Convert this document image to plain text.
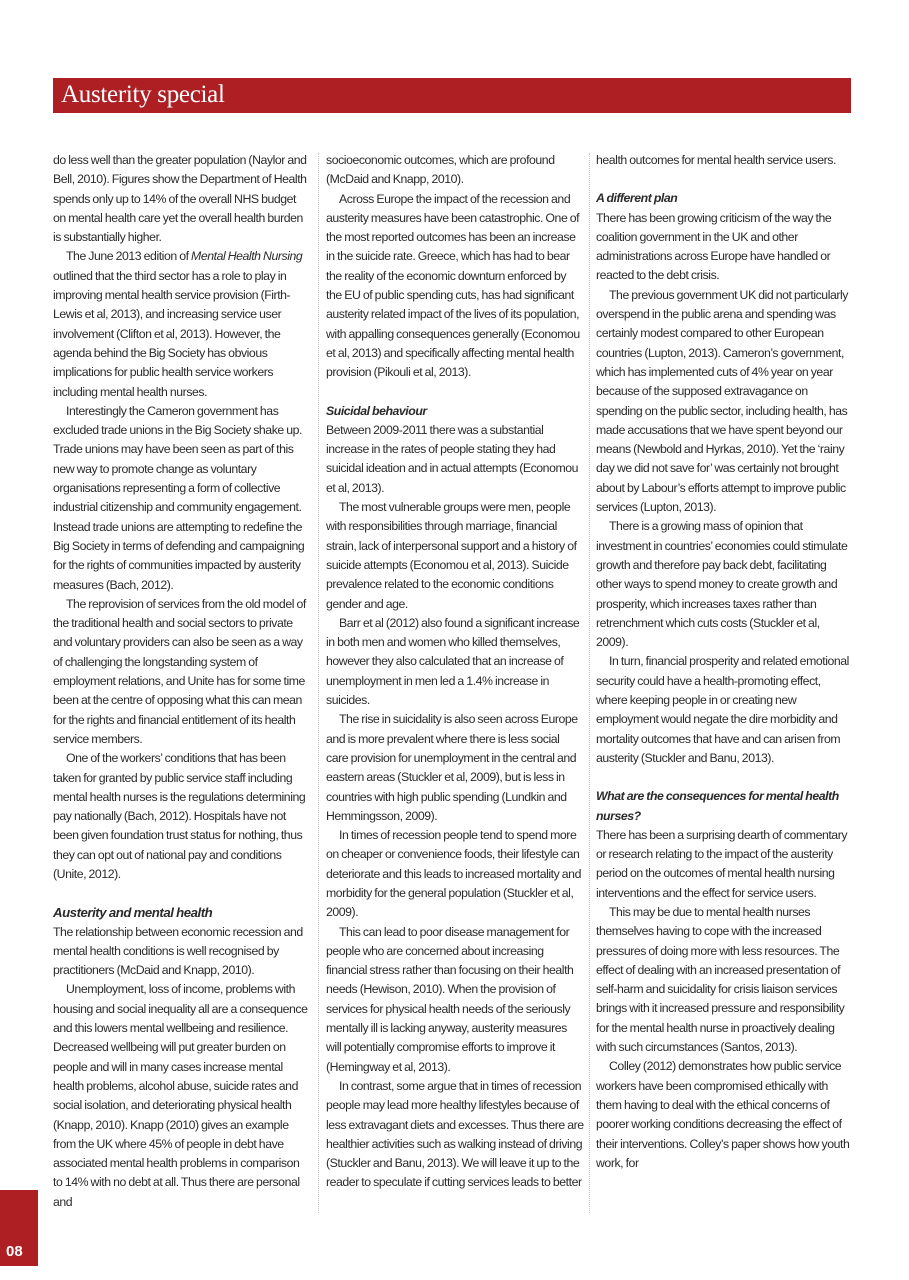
Austerity special

do less well than the greater population (Naylor and Bell, 2010). Figures show the Department of Health spends only up to 14% of the overall NHS budget on mental health care yet the overall health burden is substantially higher.

The June 2013 edition of Mental Health Nursing outlined that the third sector has a role to play in improving mental health service provision (Firth-Lewis et al, 2013), and increasing service user involvement (Clifton et al, 2013). However, the agenda behind the Big Society has obvious implications for public health service workers including mental health nurses.

Interestingly the Cameron government has excluded trade unions in the Big Society shake up. Trade unions may have been seen as part of this new way to promote change as voluntary organisations representing a form of collective industrial citizenship and community engagement. Instead trade unions are attempting to redefine the Big Society in terms of defending and campaigning for the rights of communities impacted by austerity measures (Bach, 2012).

The reprovision of services from the old model of the traditional health and social sectors to private and voluntary providers can also be seen as a way of challenging the longstanding system of employment relations, and Unite has for some time been at the centre of opposing what this can mean for the rights and financial entitlement of its health service members.

One of the workers’ conditions that has been taken for granted by public service staff including mental health nurses is the regulations determining pay nationally (Bach, 2012). Hospitals have not been given foundation trust status for nothing, thus they can opt out of national pay and conditions (Unite, 2012).

Austerity and mental health

The relationship between economic recession and mental health conditions is well recognised by practitioners (McDaid and Knapp, 2010).

Unemployment, loss of income, problems with housing and social inequality all are a consequence and this lowers mental wellbeing and resilience. Decreased wellbeing will put greater burden on people and will in many cases increase mental health problems, alcohol abuse, suicide rates and social isolation, and deteriorating physical health (Knapp, 2010). Knapp (2010) gives an example from the UK where 45% of people in debt have associated mental health problems in comparison to 14% with no debt at all. Thus there are personal and

socioeconomic outcomes, which are profound (McDaid and Knapp, 2010).

Across Europe the impact of the recession and austerity measures have been catastrophic. One of the most reported outcomes has been an increase in the suicide rate. Greece, which has had to bear the reality of the economic downturn enforced by the EU of public spending cuts, has had significant austerity related impact of the lives of its population, with appalling consequences generally (Economou et al, 2013) and specifically affecting mental health provision (Pikouli et al, 2013).

Suicidal behaviour

Between 2009-2011 there was a substantial increase in the rates of people stating they had suicidal ideation and in actual attempts (Economou et al, 2013).

The most vulnerable groups were men, people with responsibilities through marriage, financial strain, lack of interpersonal support and a history of suicide attempts (Economou et al, 2013). Suicide prevalence related to the economic conditions gender and age.

Barr et al (2012) also found a significant increase in both men and women who killed themselves, however they also calculated that an increase of unemployment in men led a 1.4% increase in suicides.

The rise in suicidality is also seen across Europe and is more prevalent where there is less social care provision for unemployment in the central and eastern areas (Stuckler et al, 2009), but is less in countries with high public spending (Lundkin and Hemmingsson, 2009).

In times of recession people tend to spend more on cheaper or convenience foods, their lifestyle can deteriorate and this leads to increased mortality and morbidity for the general population (Stuckler et al, 2009).

This can lead to poor disease management for people who are concerned about increasing financial stress rather than focusing on their health needs (Hewison, 2010). When the provision of services for physical health needs of the seriously mentally ill is lacking anyway, austerity measures will potentially compromise efforts to improve it (Hemingway et al, 2013).

In contrast, some argue that in times of recession people may lead more healthy lifestyles because of less extravagant diets and excesses. Thus there are healthier activities such as walking instead of driving (Stuckler and Banu, 2013). We will leave it up to the reader to speculate if cutting services leads to better

health outcomes for mental health service users.

A different plan

There has been growing criticism of the way the coalition government in the UK and other administrations across Europe have handled or reacted to the debt crisis.

The previous government UK did not particularly overspend in the public arena and spending was certainly modest compared to other European countries (Lupton, 2013). Cameron’s government, which has implemented cuts of 4% year on year because of the supposed extravagance on spending on the public sector, including health, has made accusations that we have spent beyond our means (Newbold and Hyrkas, 2010). Yet the ‘rainy day we did not save for’ was certainly not brought about by Labour’s efforts attempt to improve public services (Lupton, 2013).

There is a growing mass of opinion that investment in countries’ economies could stimulate growth and therefore pay back debt, facilitating other ways to spend money to create growth and prosperity, which increases taxes rather than retrenchment which cuts costs (Stuckler et al, 2009).

In turn, financial prosperity and related emotional security could have a health-promoting effect, where keeping people in or creating new employment would negate the dire morbidity and mortality outcomes that have and can arisen from austerity (Stuckler and Banu, 2013).

What are the consequences for mental health nurses?

There has been a surprising dearth of commentary or research relating to the impact of the austerity period on the outcomes of mental health nursing interventions and the effect for service users.

This may be due to mental health nurses themselves having to cope with the increased pressures of doing more with less resources. The effect of dealing with an increased presentation of self-harm and suicidality for crisis liaison services brings with it increased pressure and responsibility for the mental health nurse in proactively dealing with such circumstances (Santos, 2013).

Colley (2012) demonstrates how public service workers have been compromised ethically with them having to deal with the ethical concerns of poorer working conditions decreasing the effect of their interventions. Colley’s paper shows how youth work, for

08
